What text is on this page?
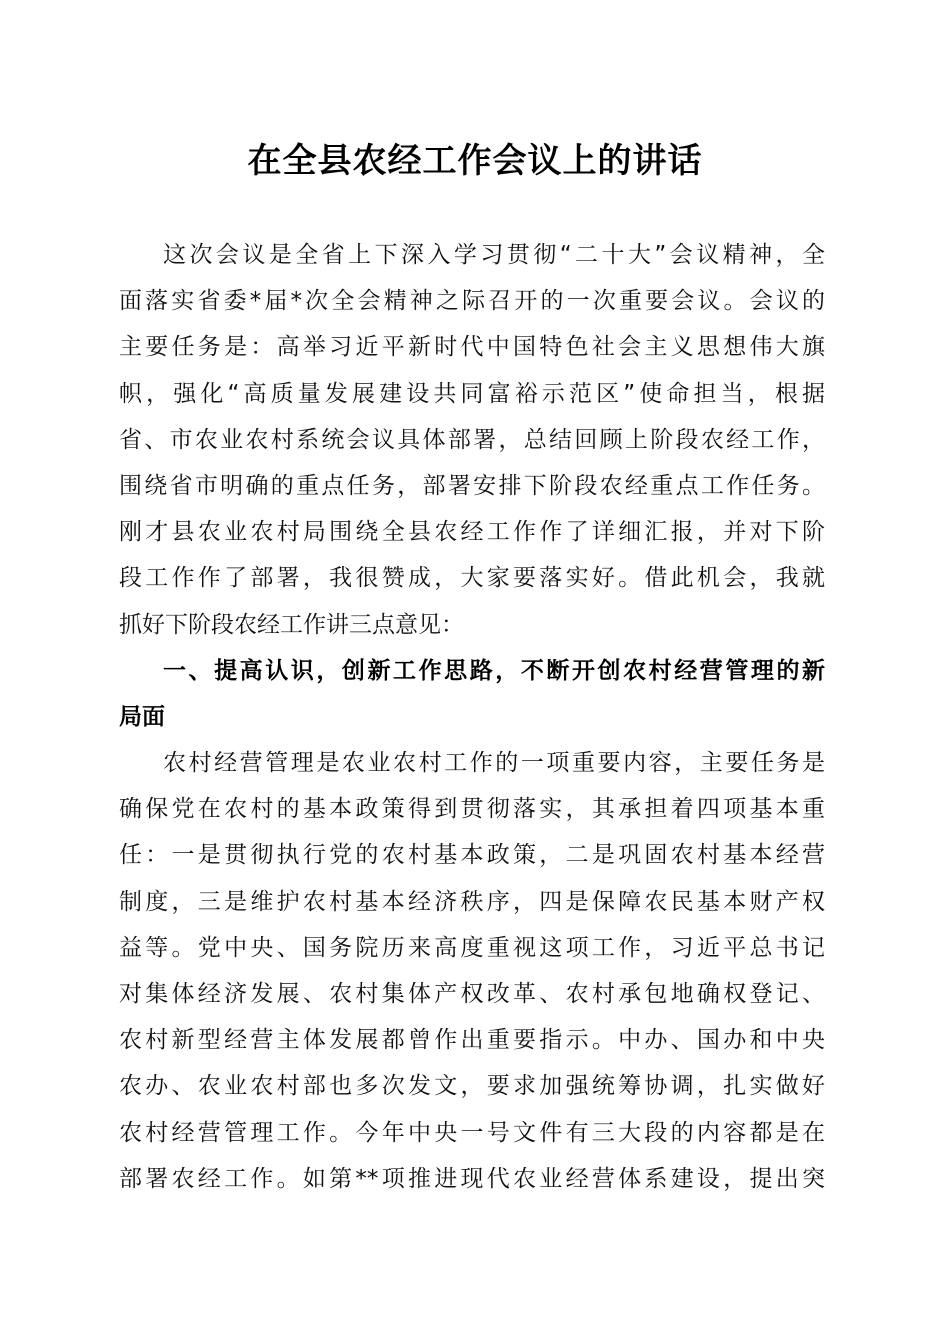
在全县农经工作会议上的讲话
这次会议是全省上下深入学习贯彻“二十大”会议精神，全
面落实省委*届*次全会精神之际召开的一次重要会议。会议的
主要任务是：高举习近平新时代中国特色社会主义思想伟大旗
帜，强化“高质量发展建设共同富裕示范区”使命担当，根据
省、市农业农村系统会议具体部署，总结回顾上阶段农经工作，
围绕省市明确的重点任务，部署安排下阶段农经重点工作任务。
刚才县农业农村局围绕全县农经工作作了详细汇报，并对下阶
段工作作了部署，我很赞成，大家要落实好。借此机会，我就
抓好下阶段农经工作讲三点意见：
一、提高认识，创新工作思路，不断开创农村经营管理的新
局面
农村经营管理是农业农村工作的一项重要内容，主要任务是
确保党在农村的基本政策得到贯彻落实，其承担着四项基本重
任：一是贯彻执行党的农村基本政策，二是巩固农村基本经营
制度，三是维护农村基本经济秩序，四是保障农民基本财产权
益等。党中央、国务院历来高度重视这项工作，习近平总书记
对集体经济发展、农村集体产权改革、农村承包地确权登记、
农村新型经营主体发展都曾作出重要指示。中办、国办和中央
农办、农业农村部也多次发文，要求加强统筹协调，扎实做好
农村经营管理工作。今年中央一号文件有三大段的内容都是在
部署农经工作。如第**项推进现代农业经营体系建设，提出突
